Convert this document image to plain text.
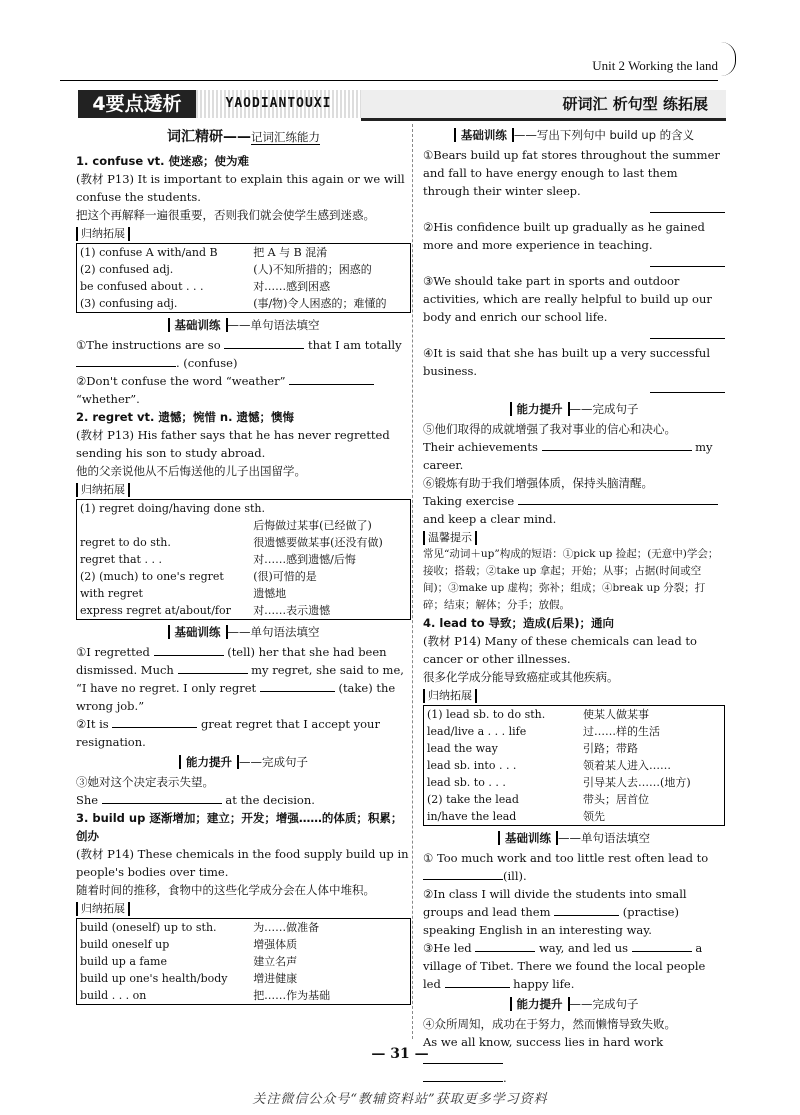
Unit 2 Working the land
4要点透析	YAODIANTOUXI	研词汇 析句型 练拓展
词汇精研——记词汇练能力

1. confuse vt. 使迷惑；使为难

(教材 P13) It is important to explain this again or we will confuse the students.

把这个再解释一遍很重要，否则我们就会使学生感到迷惑。

归纳拓展
(1) confuse A with/and B	把 A 与 B 混淆
(2) confused adj.	(人)不知所措的；困惑的
be confused about . . .	对……感到困惑
(3) confusing adj.	(事/物)令人困惑的；难懂的
基础训练 ——单句语法填空

①The instructions are so	that I am totally

. (confuse)

②Don't confuse the word “weather”

“whether”.

2. regret vt. 遗憾；惋惜 n. 遗憾；懊悔

(教材 P13) His father says that he has never regretted sending his son to study abroad.

他的父亲说他从不后悔送他的儿子出国留学。

归纳拓展
(1) regret doing/having done sth.	
	后悔做过某事(已经做了)
regret to do sth.	很遗憾要做某事(还没有做)
regret that . . .	对……感到遗憾/后悔
(2) (much) to one's regret	(很)可惜的是
with regret	遗憾地
express regret at/about/for	对……表示遗憾
基础训练 ——单句语法填空

①I regretted	(tell) her that she had been dismissed. Much	my regret, she said to me,

“I have no regret. I only regret	(take) the wrong job.”

②It is	great regret that I accept your resignation.

能力提升 ——完成句子

③她对这个决定表示失望。

She	at the decision.

3. build up 逐渐增加；建立；开发；增强……的体质；积累；创办

(教材 P14) These chemicals in the food supply build up in people's bodies over time.

随着时间的推移，食物中的这些化学成分会在人体中堆积。

归纳拓展
build (oneself) up to sth.	为……做准备
build oneself up	增强体质
build up a fame	建立名声
build up one's health/body	增进健康
build . . . on	把……作为基础
基础训练 ——写出下列句中 build up 的含义

①Bears build up fat stores throughout the summer and fall to have energy enough to last them through their winter sleep.

②His confidence built up gradually as he gained more and more experience in teaching.

③We should take part in sports and outdoor activities, which are really helpful to build up our body and enrich our school life.

④It is said that she has built up a very successful business.

能力提升 ——完成句子

⑤他们取得的成就增强了我对事业的信心和决心。

Their achievements	my career.

⑥锻炼有助于我们增强体质，保持头脑清醒。

Taking exercise

and keep a clear mind.

温馨提示

常见“动词＋up”构成的短语：①pick up 捡起；(无意中)学会；接收；搭载；②take up 拿起；开始；从事；占据(时间或空间)；③make up 虚构；弥补；组成；④break up 分裂；打碎；结束；解体；分手；放假。

4. lead to 导致；造成(后果)；通向

(教材 P14) Many of these chemicals can lead to cancer or other illnesses.

很多化学成分能导致癌症或其他疾病。

归纳拓展
(1) lead sb. to do sth.	使某人做某事
lead/live a . . . life	过……样的生活
lead the way	引路；带路
lead sb. into . . .	领着某人进入……
lead sb. to . . .	引导某人去……(地方)
(2) take the lead	带头；居首位
in/have the lead	领先
基础训练 ——单句语法填空

① Too much work and too little rest often lead to

(ill).

②In class I will divide the students into small groups and lead them	(practise) speaking English in an interesting way.

③He led	way, and led us	a village of Tibet. There we found the local people led	happy life.

能力提升 ——完成句子

④众所周知，成功在于努力，然而懒惰导致失败。

As we all know, success lies in hard work

.

— 31 —
关注微信公众号“教辅资料站”获取更多学习资料
